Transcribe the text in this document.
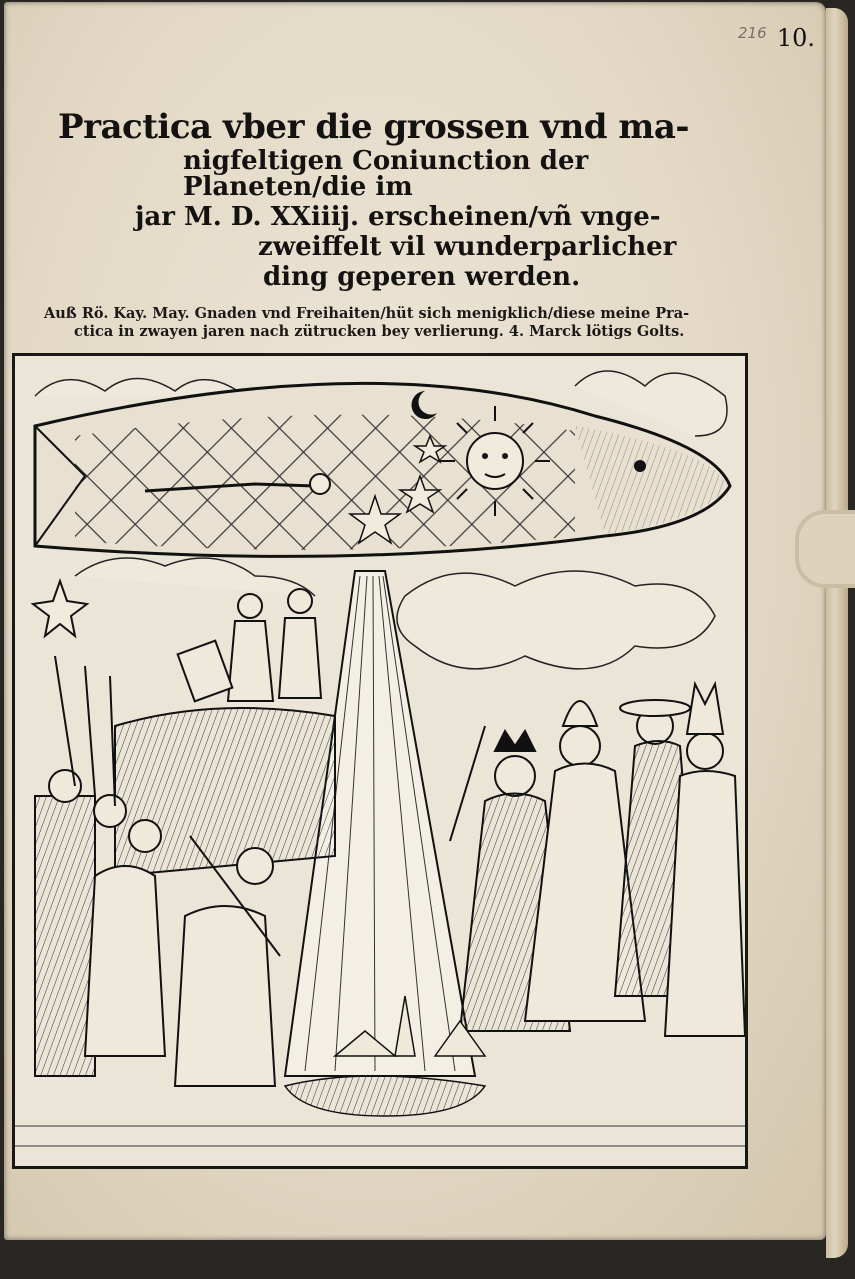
216 10.
Practica vber die grossen vnd ma-
nigfeltigen Coniunction der Planeten/die im
jar M. D. XXiiij. erscheinen/vñ vnge-
zweiffelt vil wunderparlicher
ding geperen werden.
Auß Rö. Kay. May. Gnaden vnd Freihaiten/hüt sich menigklich/diese meine Pra-
ctica in zwayen jaren nach zütrucken bey verlierung. 4. Marck lötigs Golts.
